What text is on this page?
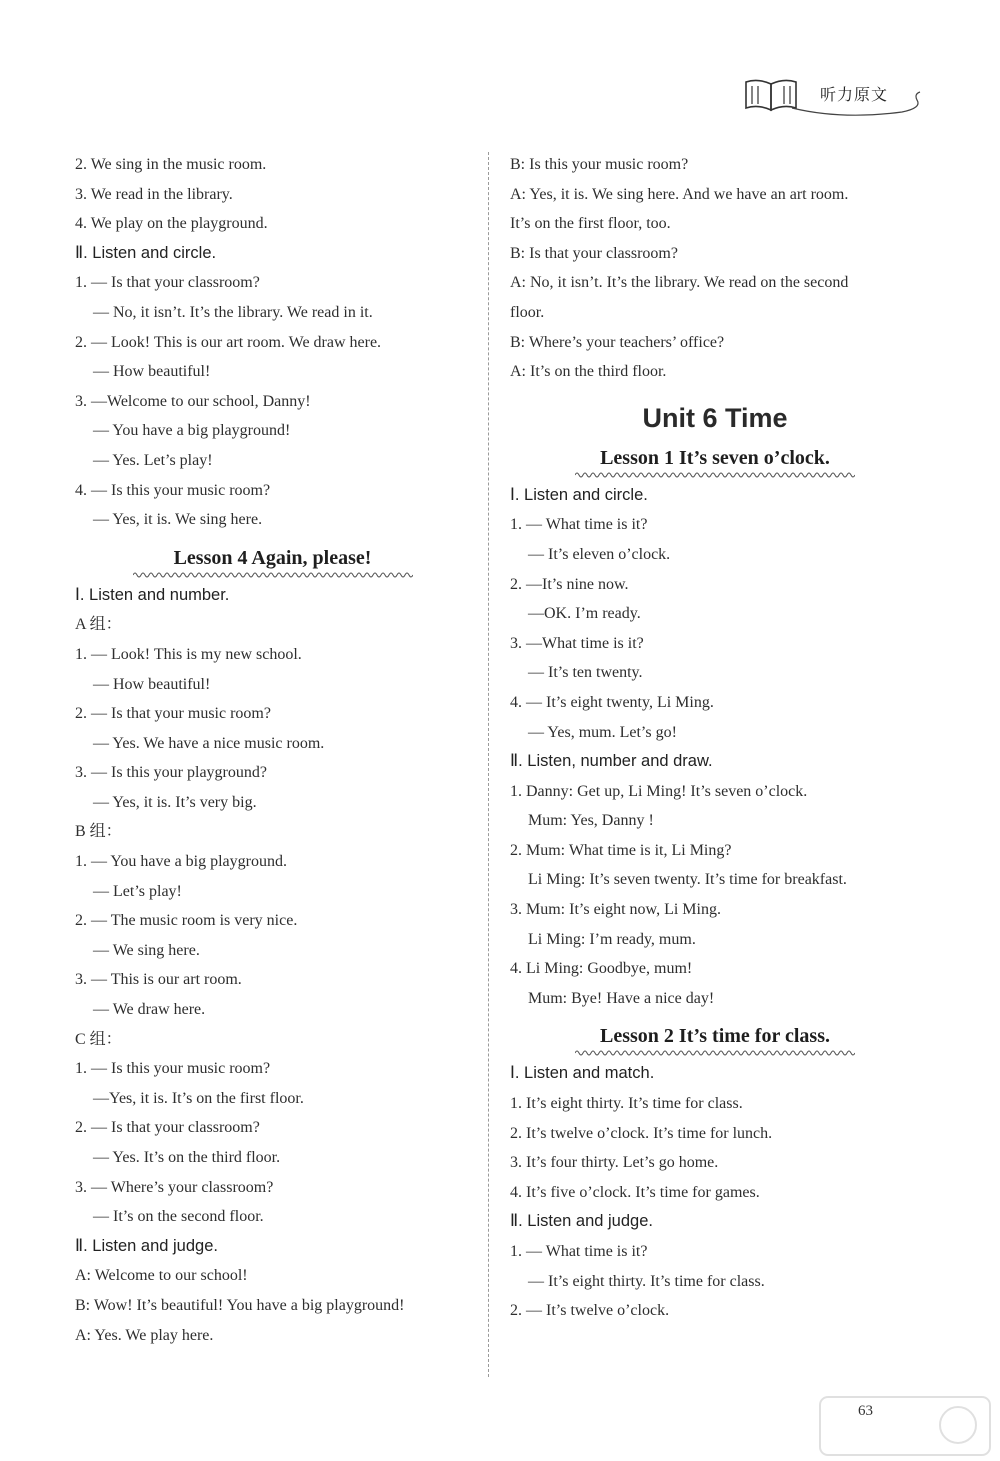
听力原文
2. We sing in the music room.
3. We read in the library.
4. We play on the playground.
Ⅱ. Listen and circle.
1. — Is that your classroom?
— No, it isn’t. It’s the library. We read in it.
2. — Look! This is our art room. We draw here.
— How beautiful!
3. —Welcome to our school, Danny!
— You have a big playground!
— Yes. Let’s play!
4. — Is this your music room?
— Yes, it is. We sing here.
Lesson 4 Again, please!
Ⅰ. Listen and number.
A 组：
1. — Look! This is my new school.
— How beautiful!
2. — Is that your music room?
— Yes. We have a nice music room.
3. — Is this your playground?
— Yes, it is. It’s very big.
B 组：
1. — You have a big playground.
— Let’s play!
2. — The music room is very nice.
— We sing here.
3. — This is our art room.
— We draw here.
C 组：
1. — Is this your music room?
—Yes, it is. It’s on the first floor.
2. — Is that your classroom?
— Yes. It’s on the third floor.
3. — Where’s your classroom?
— It’s on the second floor.
Ⅱ. Listen and judge.
A: Welcome to our school!
B: Wow! It’s beautiful! You have a big playground!
A: Yes. We play here.
B: Is this your music room?
A: Yes, it is. We sing here. And we have an art room.
It’s on the first floor, too.
B: Is that your classroom?
A: No, it isn’t. It’s the library. We read on the second
floor.
B: Where’s your teachers’ office?
A: It’s on the third floor.
Unit 6 Time
Lesson 1 It’s seven o’clock.
Ⅰ. Listen and circle.
1. — What time is it?
— It’s eleven o’clock.
2. —It’s nine now.
—OK. I’m ready.
3. —What time is it?
— It’s ten twenty.
4. — It’s eight twenty, Li Ming.
— Yes, mum. Let’s go!
Ⅱ. Listen, number and draw.
1. Danny: Get up, Li Ming! It’s seven o’clock.
Mum: Yes, Danny !
2. Mum: What time is it, Li Ming?
Li Ming: It’s seven twenty. It’s time for breakfast.
3. Mum: It’s eight now, Li Ming.
Li Ming: I’m ready, mum.
4. Li Ming: Goodbye, mum!
Mum: Bye! Have a nice day!
Lesson 2 It’s time for class.
Ⅰ. Listen and match.
1. It’s eight thirty. It’s time for class.
2. It’s twelve o’clock. It’s time for lunch.
3. It’s four thirty. Let’s go home.
4. It’s five o’clock. It’s time for games.
Ⅱ. Listen and judge.
1. — What time is it?
— It’s eight thirty. It’s time for class.
2. — It’s twelve o’clock.
63
